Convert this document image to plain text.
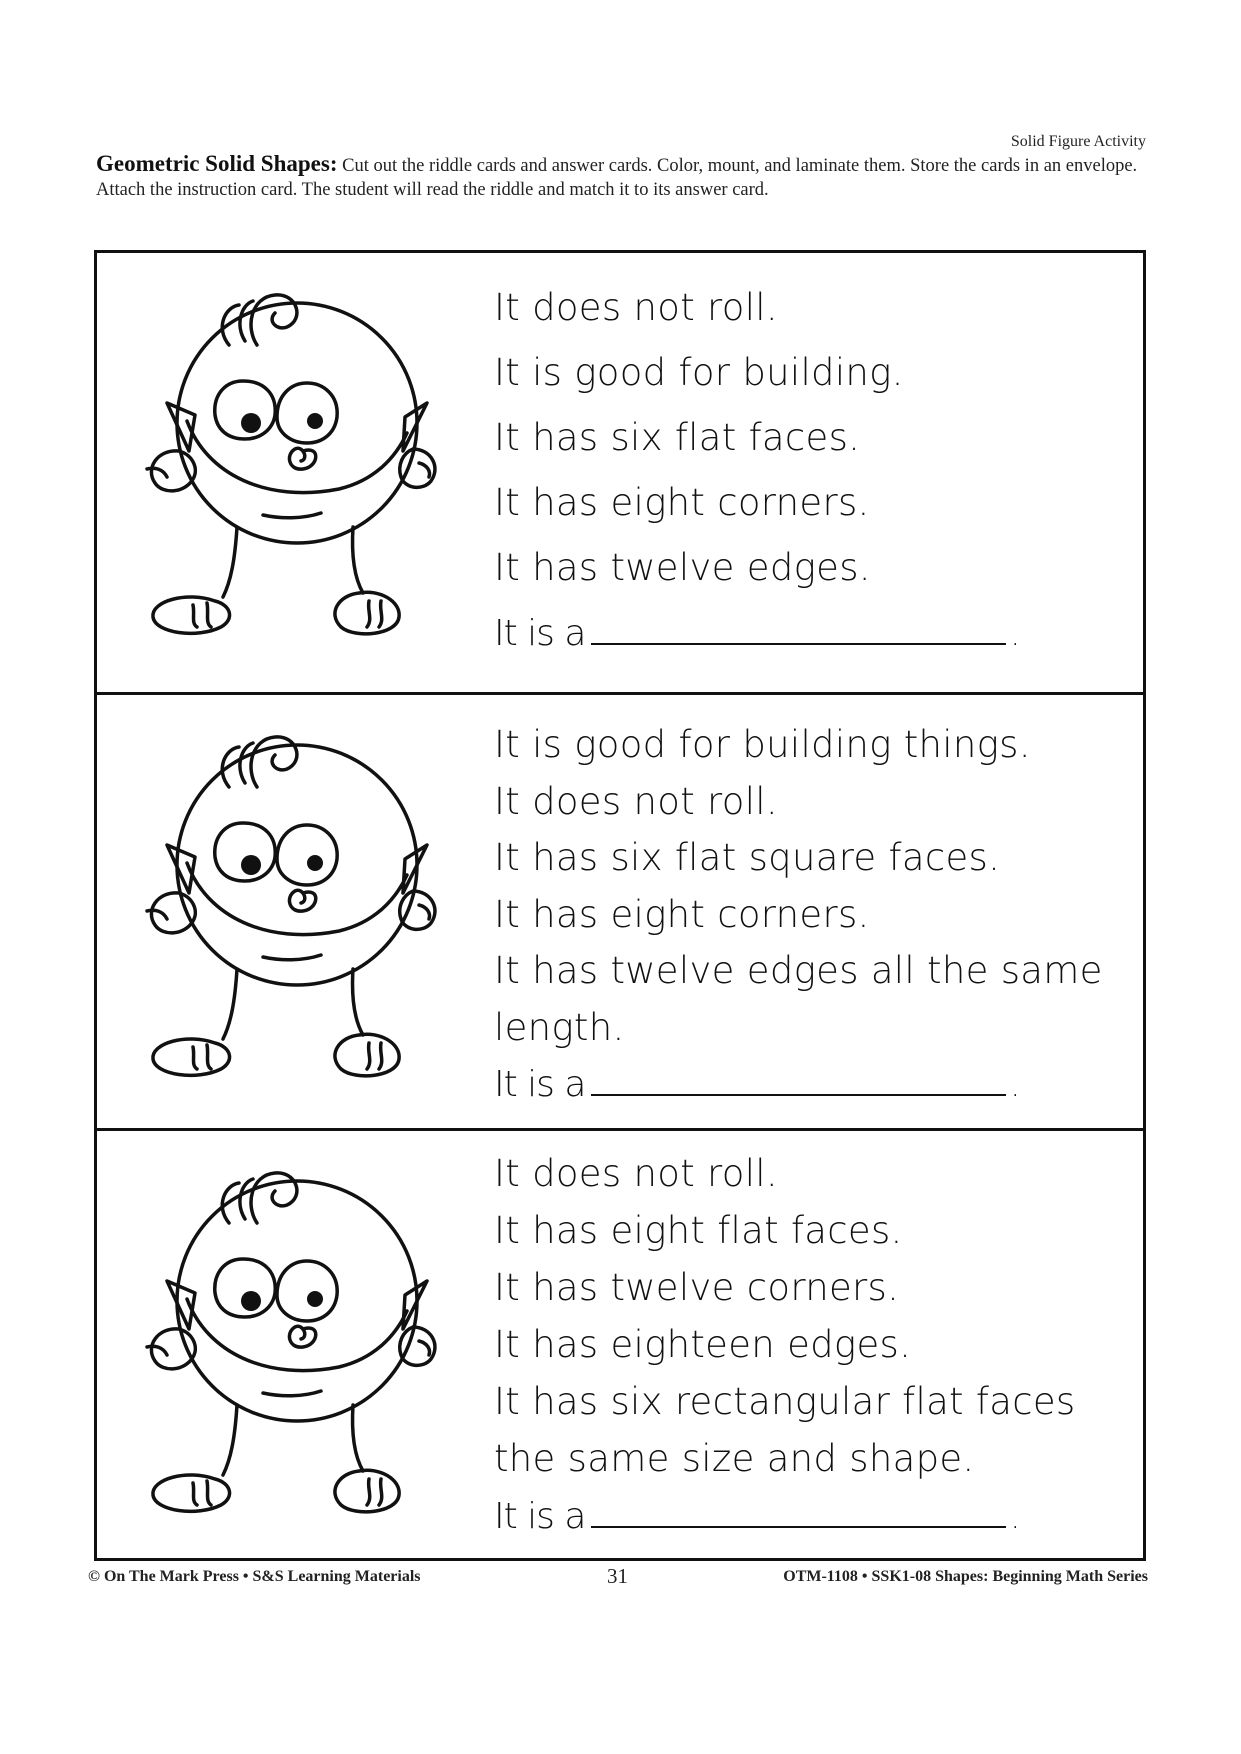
Solid Figure Activity
Geometric Solid Shapes: Cut out the riddle cards and answer cards. Color, mount, and laminate them. Store the cards in an envelope. Attach the instruction card. The student will read the riddle and match it to its answer card.
It does not roll.
It is good for building.
It has six flat faces.
It has eight corners.
It has twelve edges.
It is a	.
It is good for building things.
It does not roll.
It has six flat square faces.
It has eight corners.
It has twelve edges all the same
length.
It is a	.
It does not roll.
It has eight flat faces.
It has twelve corners.
It has eighteen edges.
It has six rectangular flat faces
the same size and shape.
It is a	.
© On The Mark Press • S&S Learning Materials	31	OTM-1108 • SSK1-08 Shapes: Beginning Math Series
